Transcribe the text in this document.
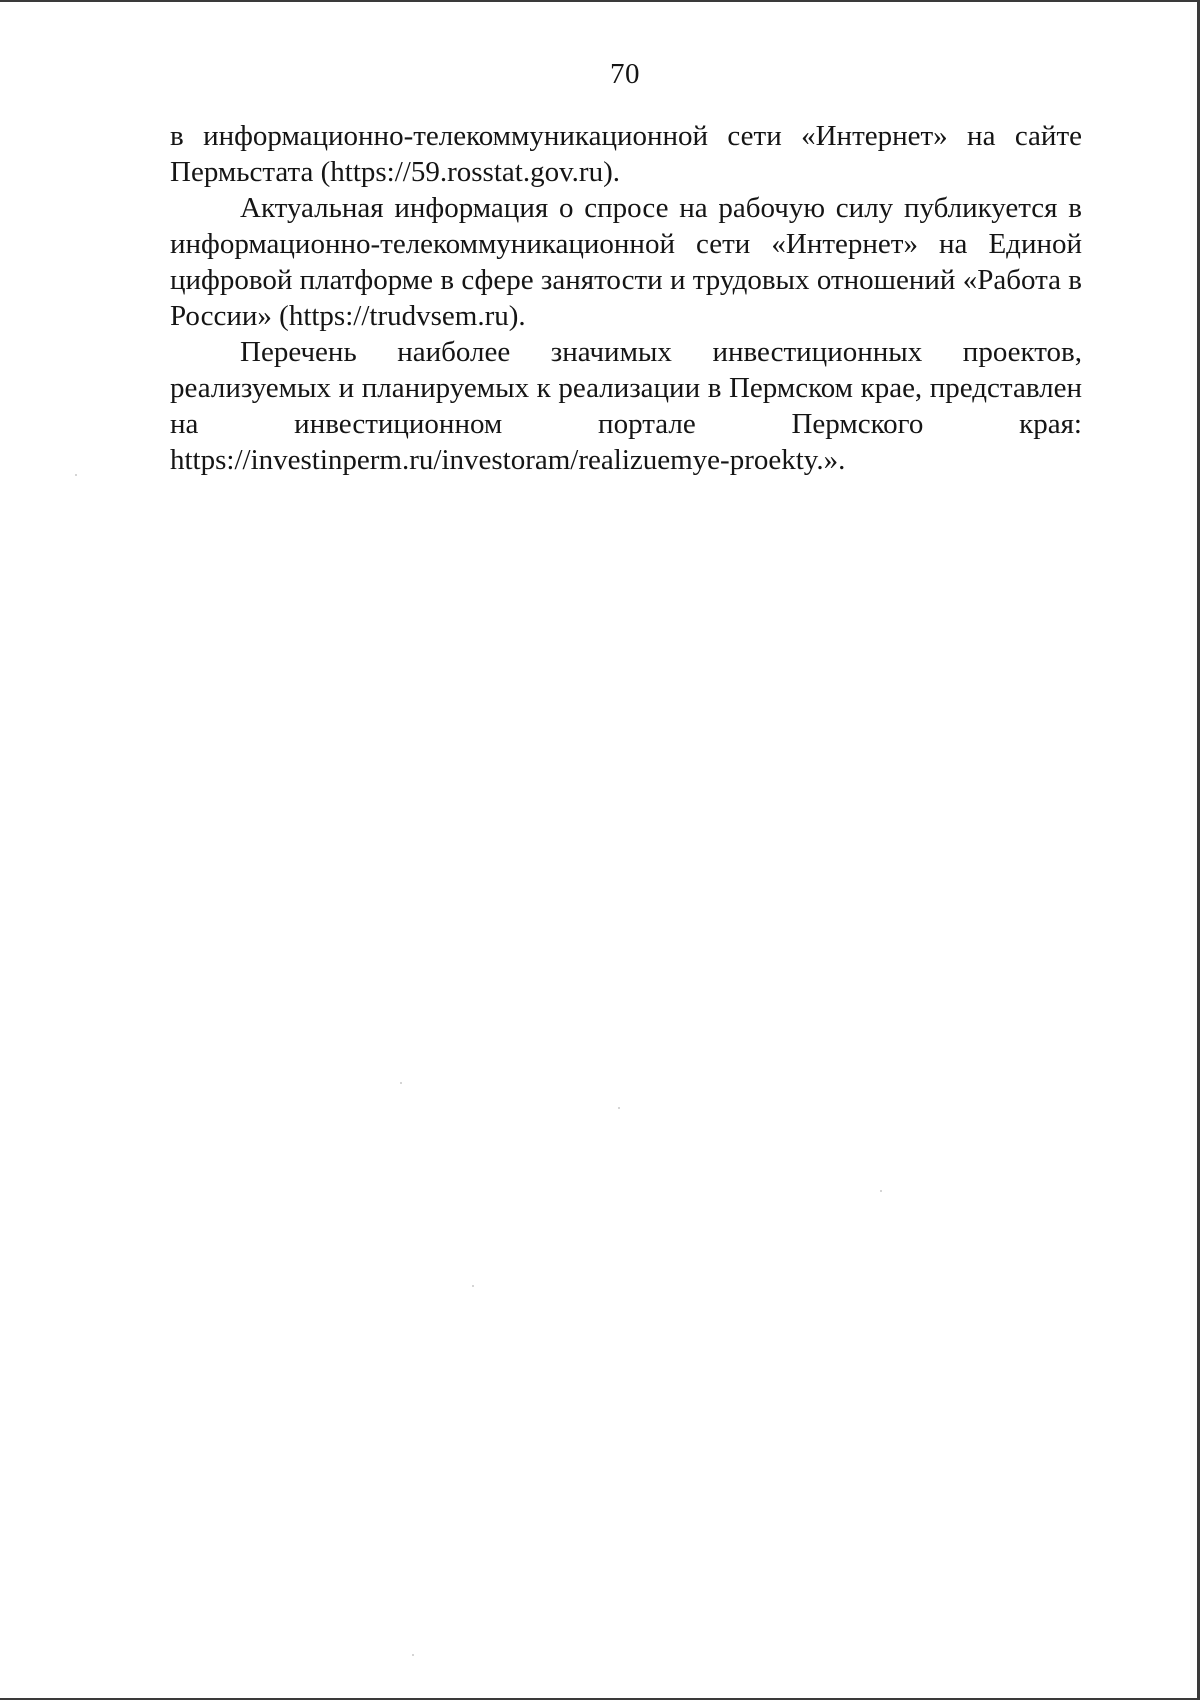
70

в информационно-телекоммуникационной сети «Интернет» на сайте Пермьстата (https://59.rosstat.gov.ru).

Актуальная информация о спросе на рабочую силу публикуется в информационно-телекоммуникационной сети «Интернет» на Единой цифровой платформе в сфере занятости и трудовых отношений «Работа в России» (https://trudvsem.ru).

Перечень наиболее значимых инвестиционных проектов, реализуемых и планируемых к реализации в Пермском крае, представлен на инвестиционном портале Пермского края: https://investinperm.ru/investoram/realizuemye-proekty.».
